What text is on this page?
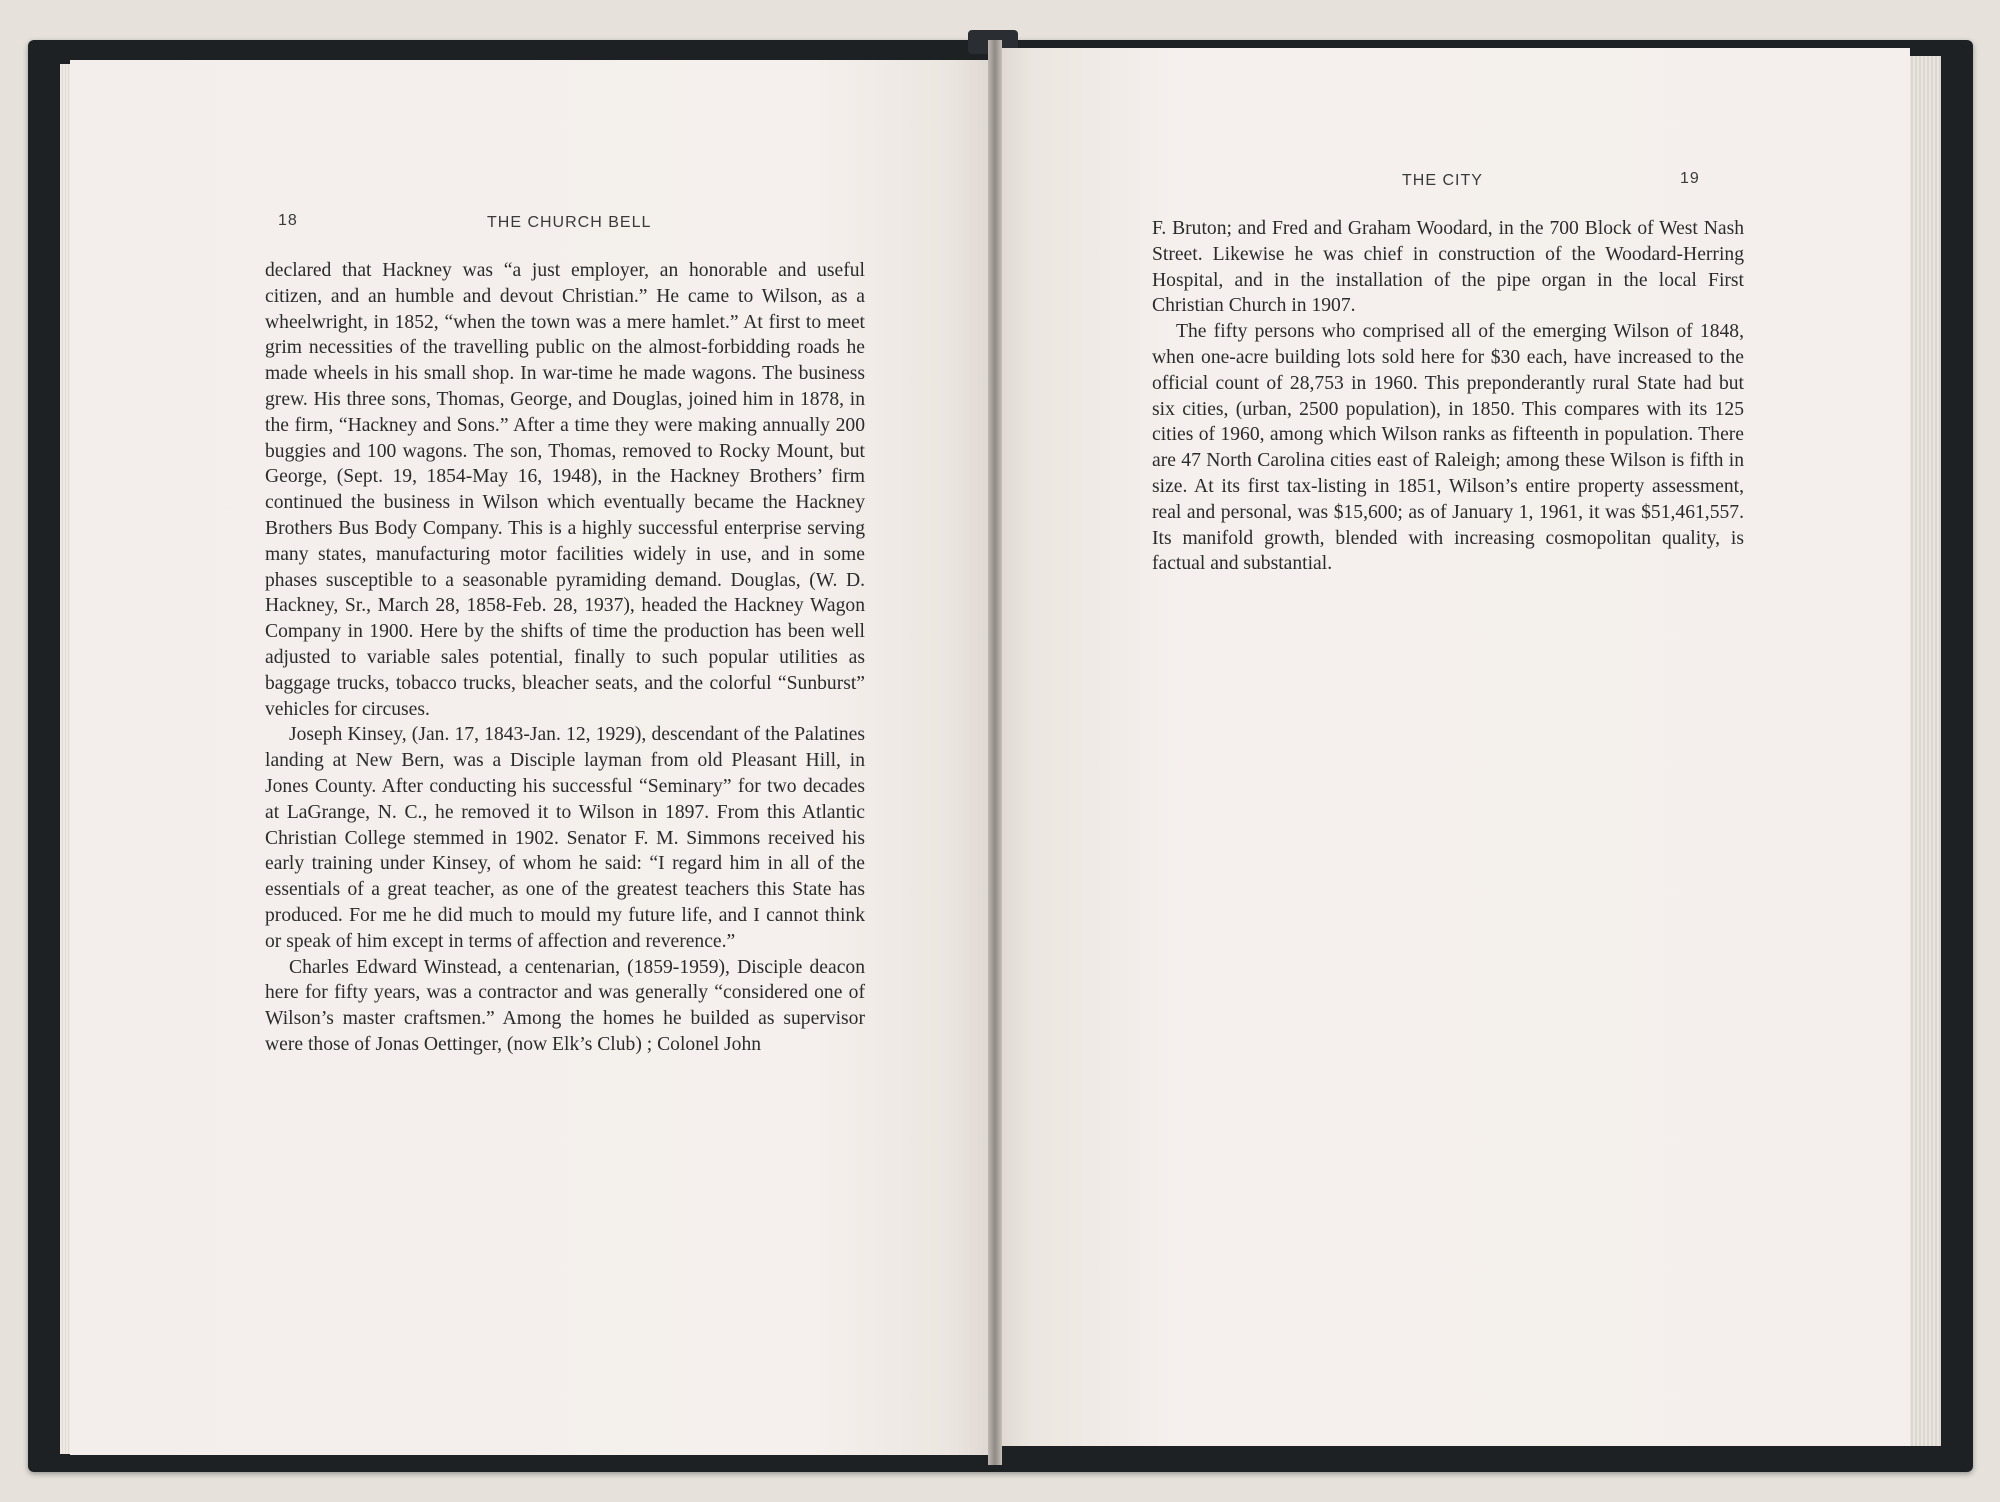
18	THE CHURCH BELL

declared that Hackney was “a just employer, an honorable and useful citizen, and an humble and devout Christian.” He came to Wilson, as a wheelwright, in 1852, “when the town was a mere hamlet.” At first to meet grim necessities of the travelling public on the almost-forbidding roads he made wheels in his small shop. In war-time he made wagons. The business grew. His three sons, Thomas, George, and Douglas, joined him in 1878, in the firm, “Hackney and Sons.” After a time they were making annually 200 buggies and 100 wagons. The son, Thomas, removed to Rocky Mount, but George, (Sept. 19, 1854-May 16, 1948), in the Hackney Brothers’ firm continued the business in Wilson which eventually became the Hackney Brothers Bus Body Company. This is a highly successful enterprise serving many states, manufacturing motor facilities widely in use, and in some phases susceptible to a seasonable pyramiding demand. Douglas, (W. D. Hackney, Sr., March 28, 1858-Feb. 28, 1937), headed the Hackney Wagon Company in 1900. Here by the shifts of time the production has been well adjusted to variable sales potential, finally to such popular utilities as baggage trucks, tobacco trucks, bleacher seats, and the colorful “Sunburst” vehicles for circuses.

Joseph Kinsey, (Jan. 17, 1843-Jan. 12, 1929), descendant of the Palatines landing at New Bern, was a Disciple layman from old Pleasant Hill, in Jones County. After conducting his successful “Seminary” for two decades at LaGrange, N. C., he removed it to Wilson in 1897. From this Atlantic Christian College stemmed in 1902. Senator F. M. Simmons received his early training under Kinsey, of whom he said: “I regard him in all of the essentials of a great teacher, as one of the greatest teachers this State has produced. For me he did much to mould my future life, and I cannot think or speak of him except in terms of affection and reverence.”

Charles Edward Winstead, a centenarian, (1859-1959), Disciple deacon here for fifty years, was a contractor and was generally “considered one of Wilson’s master craftsmen.” Among the homes he builded as supervisor were those of Jonas Oettinger, (now Elk’s Club) ; Colonel John

THE CITY	19

F. Bruton; and Fred and Graham Woodard, in the 700 Block of West Nash Street. Likewise he was chief in construction of the Woodard-Herring Hospital, and in the installation of the pipe organ in the local First Christian Church in 1907.

The fifty persons who comprised all of the emerging Wilson of 1848, when one-acre building lots sold here for $30 each, have increased to the official count of 28,753 in 1960. This preponderantly rural State had but six cities, (urban, 2500 population), in 1850. This compares with its 125 cities of 1960, among which Wilson ranks as fifteenth in population. There are 47 North Carolina cities east of Raleigh; among these Wilson is fifth in size. At its first tax-listing in 1851, Wilson’s entire property assessment, real and personal, was $15,600; as of January 1, 1961, it was $51,461,557. Its manifold growth, blended with increasing cosmopolitan quality, is factual and substantial.
